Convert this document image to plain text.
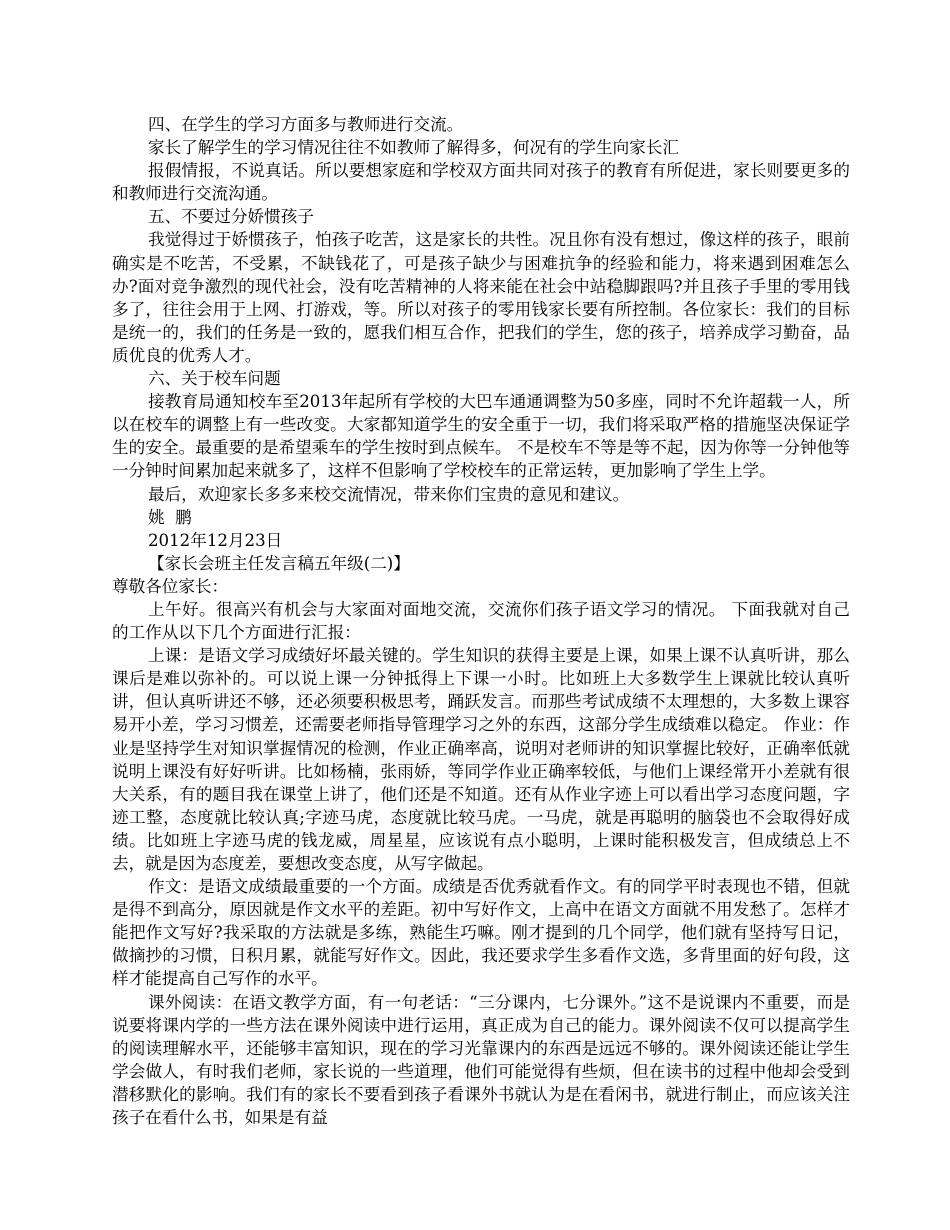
四、在学生的学习方面多与教师进行交流。

家长了解学生的学习情况往往不如教师了解得多，何况有的学生向家长汇

报假情报，不说真话。所以要想家庭和学校双方面共同对孩子的教育有所促进，家长则要更多的和教师进行交流沟通。

五、不要过分娇惯孩子

我觉得过于娇惯孩子，怕孩子吃苦，这是家长的共性。况且你有没有想过，像这样的孩子，眼前确实是不吃苦，不受累，不缺钱花了，可是孩子缺少与困难抗争的经验和能力，将来遇到困难怎么办?面对竞争激烈的现代社会，没有吃苦精神的人将来能在社会中站稳脚跟吗?并且孩子手里的零用钱多了，往往会用于上网、打游戏，等。所以对孩子的零用钱家长要有所控制。各位家长：我们的目标是统一的，我们的任务是一致的，愿我们相互合作，把我们的学生，您的孩子，培养成学习勤奋，品质优良的优秀人才。

六、关于校车问题

接教育局通知校车至2013年起所有学校的大巴车通通调整为50多座，同时不允许超载一人，所以在校车的调整上有一些改变。大家都知道学生的安全重于一切，我们将采取严格的措施坚决保证学生的安全。最重要的是希望乘车的学生按时到点候车。 不是校车不等是等不起，因为你等一分钟他等一分钟时间累加起来就多了，这样不但影响了学校校车的正常运转，更加影响了学生上学。

最后，欢迎家长多多来校交流情况，带来你们宝贵的意见和建议。

姚  鹏

2012年12月23日

【家长会班主任发言稿五年级(二)】

尊敬各位家长：

上午好。很高兴有机会与大家面对面地交流，交流你们孩子语文学习的情况。 下面我就对自己的工作从以下几个方面进行汇报：

上课：是语文学习成绩好坏最关键的。学生知识的获得主要是上课，如果上课不认真听讲，那么课后是难以弥补的。可以说上课一分钟抵得上下课一小时。比如班上大多数学生上课就比较认真听讲，但认真听讲还不够，还必须要积极思考，踊跃发言。而那些考试成绩不太理想的，大多数上课容易开小差，学习习惯差，还需要老师指导管理学习之外的东西，这部分学生成绩难以稳定。 作业：作业是坚持学生对知识掌握情况的检测，作业正确率高，说明对老师讲的知识掌握比较好，正确率低就说明上课没有好好听讲。比如杨楠，张雨娇，等同学作业正确率较低，与他们上课经常开小差就有很大关系，有的题目我在课堂上讲了，他们还是不知道。还有从作业字迹上可以看出学习态度问题，字迹工整，态度就比较认真;字迹马虎，态度就比较马虎。一马虎，就是再聪明的脑袋也不会取得好成绩。比如班上字迹马虎的钱龙威，周星星，应该说有点小聪明，上课时能积极发言，但成绩总上不去，就是因为态度差，要想改变态度，从写字做起。

作文：是语文成绩最重要的一个方面。成绩是否优秀就看作文。有的同学平时表现也不错，但就是得不到高分，原因就是作文水平的差距。初中写好作文，上高中在语文方面就不用发愁了。怎样才能把作文写好?我采取的方法就是多练，熟能生巧嘛。刚才提到的几个同学，他们就有坚持写日记，做摘抄的习惯，日积月累，就能写好作文。因此，我还要求学生多看作文选，多背里面的好句段，这样才能提高自己写作的水平。

课外阅读：在语文教学方面，有一句老话：“三分课内，七分课外。”这不是说课内不重要，而是说要将课内学的一些方法在课外阅读中进行运用，真正成为自己的能力。课外阅读不仅可以提高学生的阅读理解水平，还能够丰富知识，现在的学习光靠课内的东西是远远不够的。课外阅读还能让学生学会做人，有时我们老师，家长说的一些道理，他们可能觉得有些烦，但在读书的过程中他却会受到潜移默化的影响。我们有的家长不要看到孩子看课外书就认为是在看闲书，就进行制止，而应该关注孩子在看什么书，如果是有益
